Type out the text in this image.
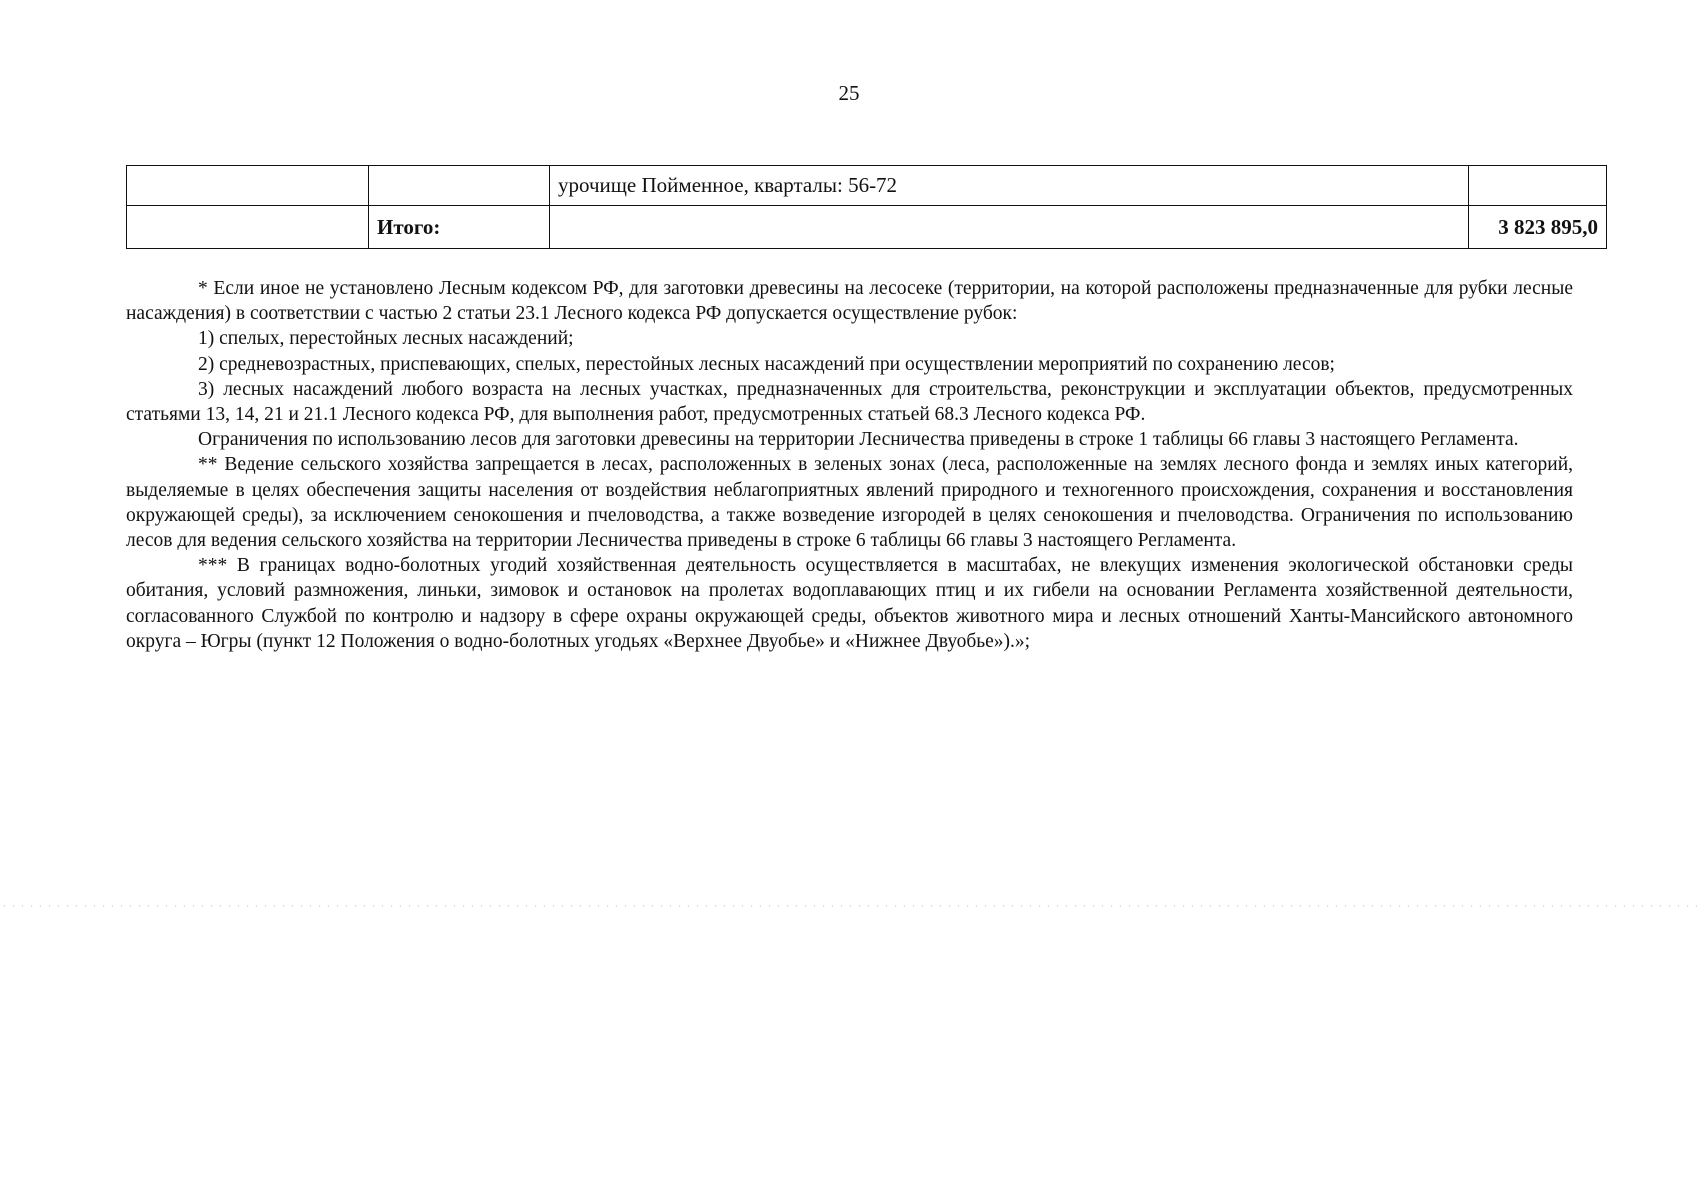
25
		урочище Пойменное, кварталы: 56-72	
	Итого:		3 823 895,0

* Если иное не установлено Лесным кодексом РФ, для заготовки древесины на лесосеке (территории, на которой расположены предназначенные для рубки лесные насаждения) в соответствии с частью 2 статьи 23.1 Лесного кодекса РФ допускается осуществление рубок:

1) спелых, перестойных лесных насаждений;

2) средневозрастных, приспевающих, спелых, перестойных лесных насаждений при осуществлении мероприятий по сохранению лесов;

3) лесных насаждений любого возраста на лесных участках, предназначенных для строительства, реконструкции и эксплуатации объектов, предусмотренных статьями 13, 14, 21 и 21.1 Лесного кодекса РФ, для выполнения работ, предусмотренных статьей 68.3 Лесного кодекса РФ.

Ограничения по использованию лесов для заготовки древесины на территории Лесничества приведены в строке 1 таблицы 66 главы 3 настоящего Регламента.

** Ведение сельского хозяйства запрещается в лесах, расположенных в зеленых зонах (леса, расположенные на землях лесного фонда и землях иных категорий, выделяемые в целях обеспечения защиты населения от воздействия неблагоприятных явлений природного и техногенного происхождения, сохранения и восстановления окружающей среды), за исключением сенокошения и пчеловодства, а также возведение изгородей в целях сенокошения и пчеловодства. Ограничения по использованию лесов для ведения сельского хозяйства на территории Лесничества приведены в строке 6 таблицы 66 главы 3 настоящего Регламента.

*** В границах водно-болотных угодий хозяйственная деятельность осуществляется в масштабах, не влекущих изменения экологической обстановки среды обитания, условий размножения, линьки, зимовок и остановок на пролетах водоплавающих птиц и их гибели на основании Регламента хозяйственной деятельности, согласованного Службой по контролю и надзору в сфере охраны окружающей среды, объектов животного мира и лесных отношений Ханты-Мансийского автономного округа – Югры (пункт 12 Положения о водно-болотных угодьях «Верхнее Двуобье» и «Нижнее Двуобье»).»;
